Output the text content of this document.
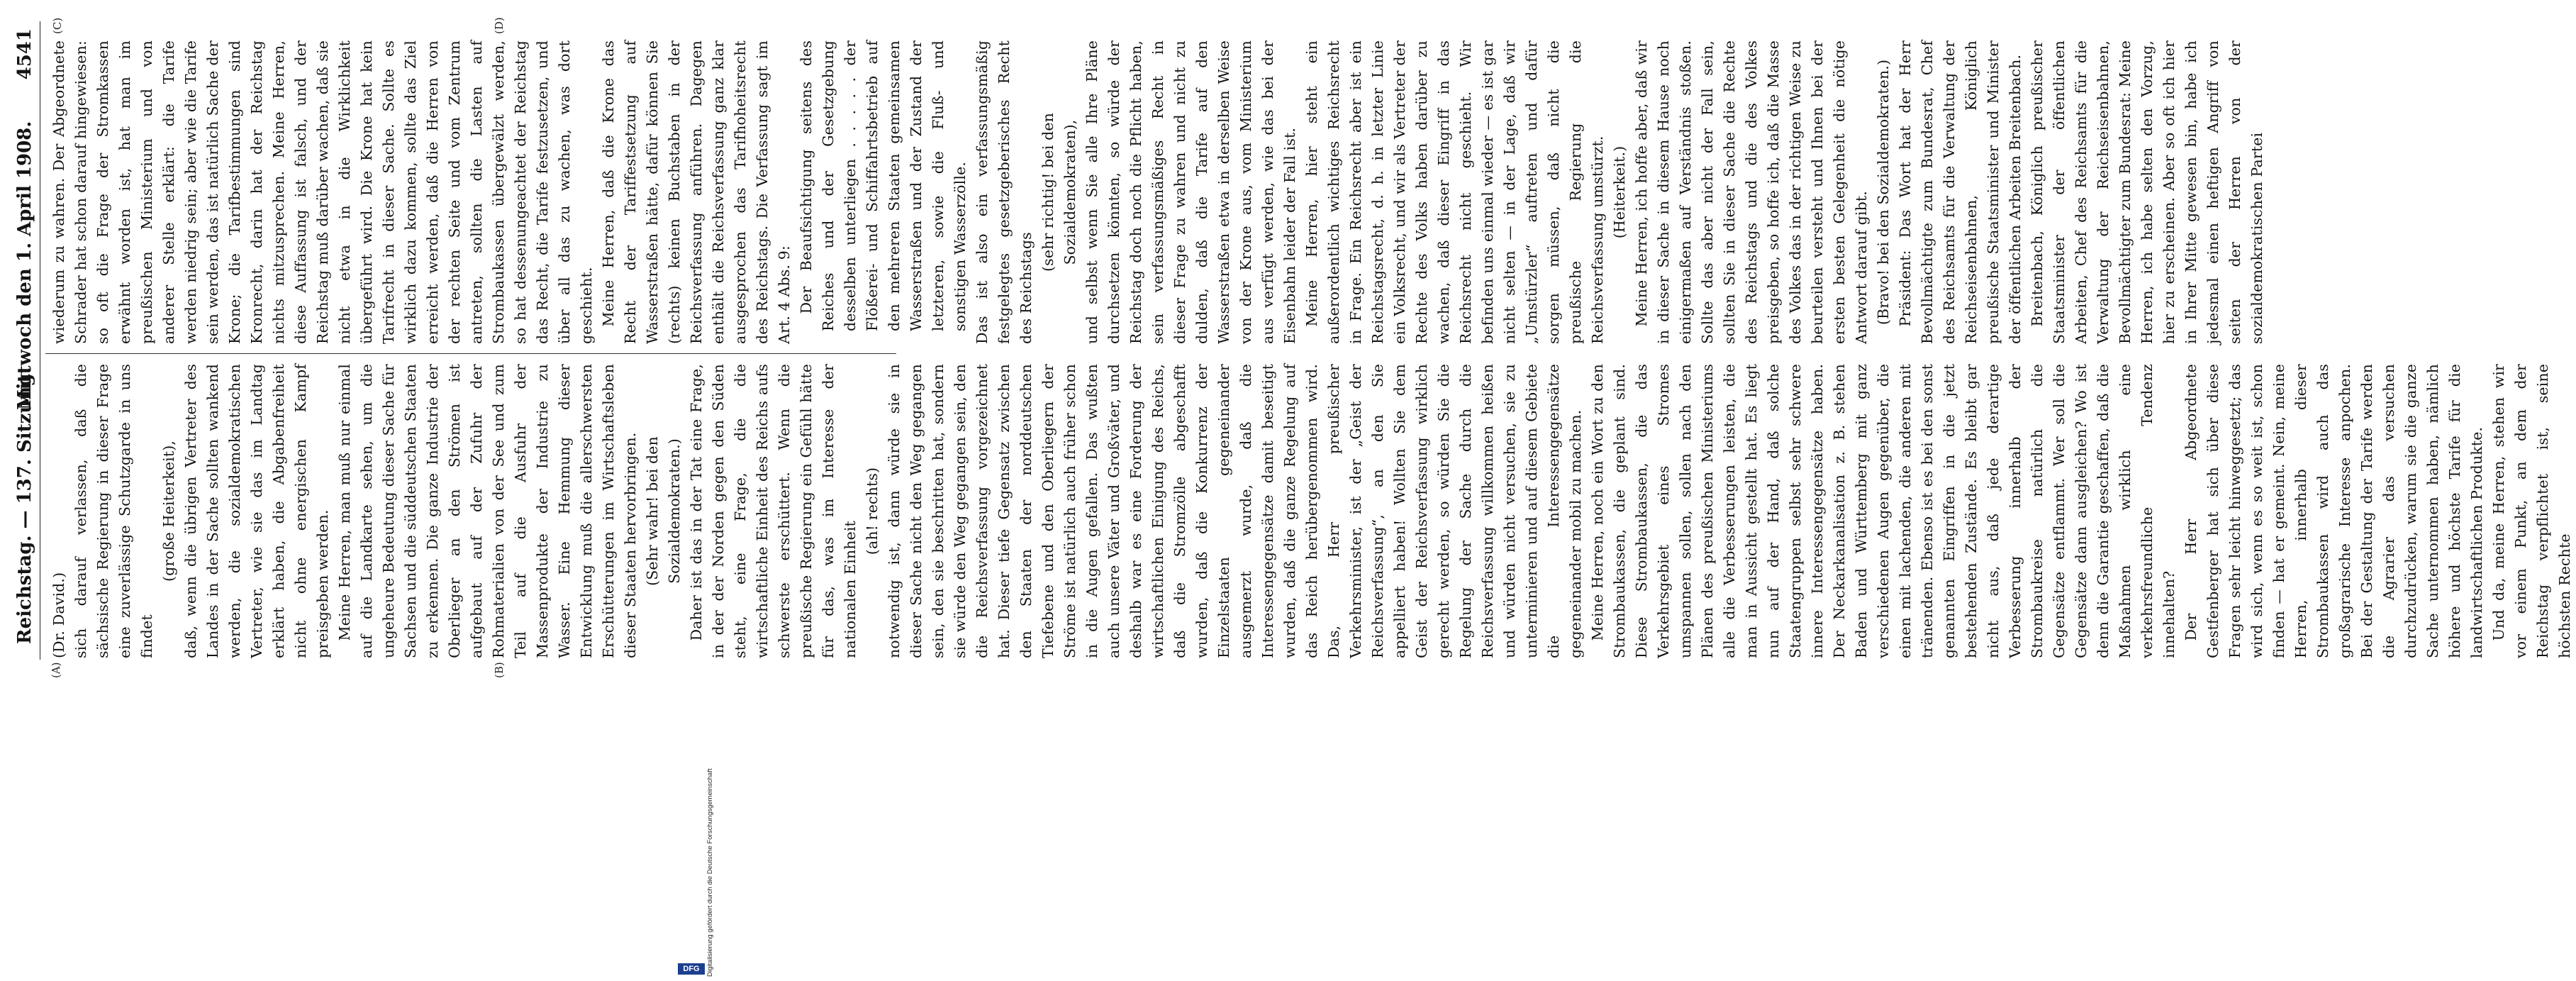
Reichstag. — 137. Sitzung.
Mittwoch den 1. April 1908.
4541
(A)	(B)
(C)	(D)

(Dr. David.) sich darauf verlassen, daß die sächsische Regierung in dieser Frage eine zuverlässige Schutzgarde in uns findet

(große Heiterkeit), daß, wenn die übrigen Vertreter des Landes in der Sache sollten wankend werden, die sozialdemokratischen Vertreter, wie sie das im Landtag erklärt haben, die Abgabenfreiheit nicht ohne energischen Kampf preisgeben werden. Meine Herren, man muß nur einmal auf die Landkarte sehen, um die ungeheure Bedeutung dieser Sache für Sachsen und die süddeutschen Staaten zu erkennen. Die ganze Industrie der Oberlieger an den Strömen ist aufgebaut auf der Zufuhr der Rohmaterialien von der See und zum Teil auf die Ausfuhr der Massenprodukte der Industrie zu Wasser. Eine Hemmung dieser Entwicklung muß die allerschwersten Erschütterungen im Wirtschaftsleben dieser Staaten hervorbringen. (Sehr wahr! bei den Sozialdemokraten.) Daher ist das in der Tat eine Frage, in der der Norden gegen den Süden steht, eine Frage, die die wirtschaftliche Einheit des Reichs aufs schwerste erschüttert. Wenn die preußische Regierung ein Gefühl hätte für das, was im Interesse der nationalen Einheit

(ah! rechts) notwendig ist, dann würde sie in dieser Sache nicht den Weg gegangen sein, den sie beschritten hat, sondern sie würde den Weg gegangen sein, den die Reichsverfassung vorgezeichnet hat. Dieser tiefe Gegensatz zwischen den Staaten der norddeutschen Tiefebene und den Oberliegern der Ströme ist natürlich auch früher schon in die Augen gefallen. Das wußten auch unsere Väter und Großväter, und deshalb war es eine Forderung der wirtschaftlichen Einigung des Reichs, daß die Stromzölle abgeschafft wurden, daß die Konkurrenz der Einzelstaaten gegeneinander ausgemerzt wurde, daß die Interessengegensätze damit beseitigt wurden, daß die ganze Regelung auf das Reich herübergenommen wird. Das, Herr preußischer Verkehrsminister, ist der „Geist der Reichsverfassung“, an den Sie appelliert haben! Wollten Sie dem Geist der Reichsverfassung wirklich gerecht werden, so würden Sie die Regelung der Sache durch die Reichsverfassung willkommen heißen und würden nicht versuchen, sie zu unterminieren und auf diesem Gebiete die Interessengegensätze gegeneinander mobil zu machen. Meine Herren, noch ein Wort zu den Strombaukassen, die geplant sind. Diese Strombaukassen, die das Verkehrsgebiet eines Stromes umspannen sollen, sollen nach den Plänen des preußischen Ministeriums alle die Verbesserungen leisten, die man in Aussicht gestellt hat. Es liegt nun auf der Hand, daß solche Staatengruppen selbst sehr schwere innere Interessengegensätze haben. Der Neckarkanalisation z. B. stehen Baden und Württemberg mit ganz verschiedenen Augen gegenüber, die einen mit lachenden, die anderen mit tränenden. Ebenso ist es bei den sonst genannten Eingriffen in die jetzt bestehenden Zustände. Es bleibt gar nicht aus, daß jede derartige Verbesserung innerhalb der Strombaukreise natürlich die Gegensätze entflammt. Wer soll die Gegensätze dann ausgleichen? Wo ist denn die Garantie geschaffen, daß die Maßnahmen wirklich eine verkehrsfreundliche Tendenz innehalten? Der Herr Abgeordnete Gestfenberger hat sich über diese Fragen sehr leicht hinweggesetzt; das wird sich, wenn es so weit ist, schon finden — hat er gemeint. Nein, meine Herren, innerhalb dieser Strombaukassen wird auch das großagrarische Interesse anpochen. Bei der Gestaltung der Tarife werden die Agrarier das versuchen durchzudrücken, warum sie die ganze Sache unternommen haben, nämlich höhere und höchste Tarife für die landwirtschaftlichen Produkte. Und da, meine Herren, stehen wir vor einem Punkt, an dem der Reichstag verpflichtet ist, seine höchsten Rechte

wiederum zu wahren. Der Abgeordnete Schrader hat schon darauf hingewiesen: so oft die Frage der Stromkassen erwähnt worden ist, hat man im preußischen Ministerium und von anderer Stelle erklärt: die Tarife werden niedrig sein; aber wie die Tarife sein werden, das ist natürlich Sache der Krone; die Tarifbestimmungen sind Kronrecht, darin hat der Reichstag nichts mitzusprechen. Meine Herren, diese Auffassung ist falsch, und der Reichstag muß darüber wachen, daß sie nicht etwa in die Wirklichkeit übergeführt wird. Die Krone hat kein Tarifrecht in dieser Sache. Sollte es wirklich dazu kommen, sollte das Ziel erreicht werden, daß die Herren von der rechten Seite und vom Zentrum antreten, sollten die Lasten auf Strombaukassen übergewälzt werden, so hat dessenungeachtet der Reichstag das Recht, die Tarife festzusetzen, und über all das zu wachen, was dort geschieht. Meine Herren, daß die Krone das Recht der Tariffestsetzung auf Wasserstraßen hätte, dafür können Sie (rechts) keinen Buchstaben in der Reichsverfassung anführen. Dagegen enthält die Reichsverfassung ganz klar ausgesprochen das Tarifhoheitsrecht des Reichstags. Die Verfassung sagt im Art. 4 Abs. 9: Der Beaufsichtigung seitens des Reiches und der Gesetzgebung desselben unterliegen . . . . . der Flößerei- und Schiffahrtsbetrieb auf den mehreren Staaten gemeinsamen Wasserstraßen und der Zustand der letzteren, sowie die Fluß- und sonstigen Wasserzölle. Das ist also ein verfassungsmäßig festgelegtes gesetzgeberisches Recht des Reichstags

(sehr richtig! bei den Sozialdemokraten), und selbst wenn Sie alle Ihre Pläne durchsetzen könnten, so würde der Reichstag doch noch die Pflicht haben, sein verfassungsmäßiges Recht in dieser Frage zu wahren und nicht zu dulden, daß die Tarife auf den Wasserstraßen etwa in derselben Weise von der Krone aus, vom Ministerium aus verfügt werden, wie das bei der Eisenbahn leider der Fall ist. Meine Herren, hier steht ein außerordentlich wichtiges Reichsrecht in Frage. Ein Reichsrecht aber ist ein Reichstagsrecht, d. h. in letzter Linie ein Volksrecht, und wir als Vertreter der Rechte des Volks haben darüber zu wachen, daß dieser Eingriff in das Reichsrecht nicht geschieht. Wir befinden uns einmal wieder — es ist gar nicht selten — in der Lage, daß wir „Umstürzler“ auftreten und dafür sorgen müssen, daß nicht die preußische Regierung die Reichsverfassung umstürzt. (Heiterkeit.) Meine Herren, ich hoffe aber, daß wir in dieser Sache in diesem Hause noch einigermaßen auf Verständnis stoßen. Sollte das aber nicht der Fall sein, sollten Sie in dieser Sache die Rechte des Reichstags und die des Volkes preisgeben, so hoffe ich, daß die Masse des Volkes das in der richtigen Weise zu beurteilen versteht und Ihnen bei der ersten besten Gelegenheit die nötige Antwort darauf gibt. (Bravo! bei den Sozialdemokraten.) Präsident: Das Wort hat der Herr Bevollmächtigte zum Bundesrat, Chef des Reichsamts für die Verwaltung der Reichseisenbahnen, Königlich preußische Staatsminister und Minister der öffentlichen Arbeiten Breitenbach. Breitenbach, Königlich preußischer Staatsminister der öffentlichen Arbeiten, Chef des Reichsamts für die Verwaltung der Reichseisenbahnen, Bevollmächtigter zum Bundesrat: Meine Herren, ich habe selten den Vorzug, hier zu erscheinen. Aber so oft ich hier in Ihrer Mitte gewesen bin, habe ich jedesmal einen heftigen Angriff von seiten der Herren von der sozialdemokratischen Partei

DFG Digitalisierung gefördert durch die Deutsche Forschungsgemeinschaft
